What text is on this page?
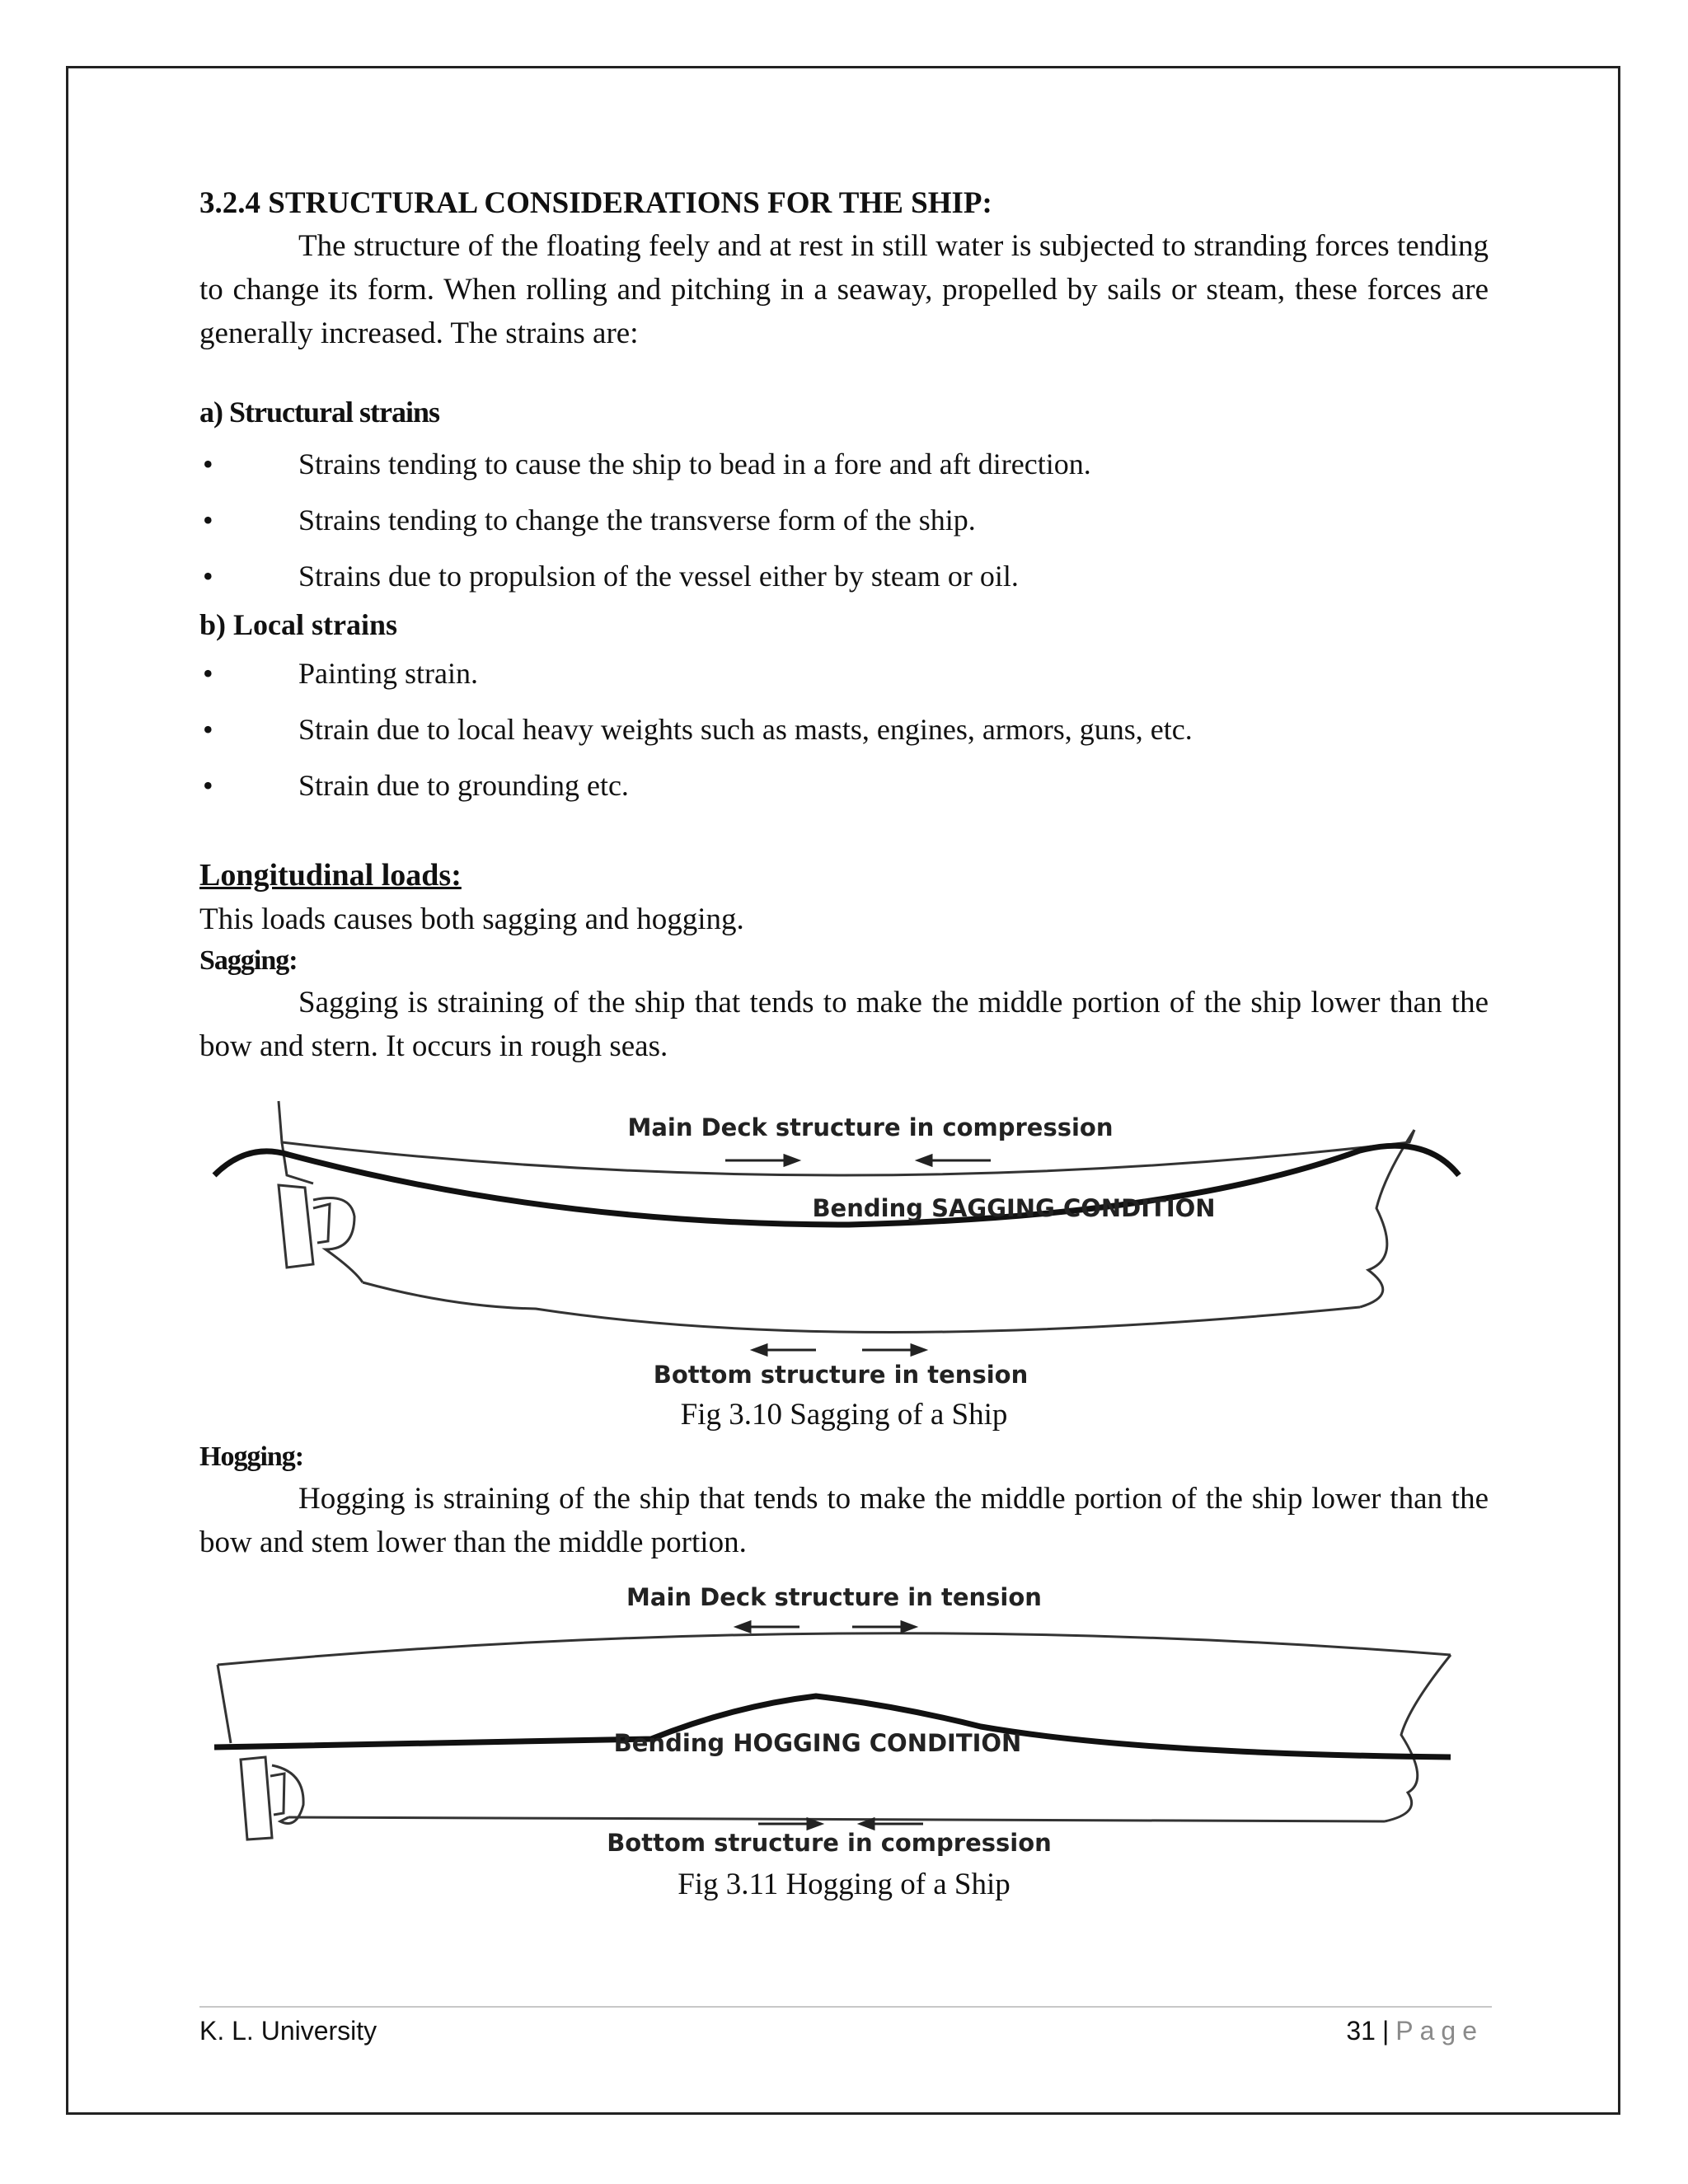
3.2.4 STRUCTURAL CONSIDERATIONS FOR THE SHIP:

The structure of the floating feely and at rest in still water is subjected to stranding forces tending to change its form. When rolling and pitching in a seaway, propelled by sails or steam, these forces are generally increased. The strains are:

a) Structural strains
•	Strains tending to cause the ship to bead in a fore and aft direction.
•	Strains tending to change the transverse form of the ship.
•	Strains due to propulsion of the vessel either by steam or oil.
b) Local strains
•	Painting strain.
•	Strain due to local heavy weights such as masts, engines, armors, guns, etc.
•	Strain due to grounding etc.
Longitudinal loads:

This loads causes both sagging and hogging.

Sagging:

Sagging is straining of the ship that tends to make the middle portion of the ship lower than the bow and stern. It occurs in rough seas.

Main Deck structure in compression
Bending SAGGING CONDITION
Bottom structure in tension
Fig 3.10 Sagging of a Ship
Hogging:

Hogging is straining of the ship that tends to make the middle portion of the ship lower than the bow and stem lower than the middle portion.

Main Deck structure in tension
Bending HOGGING CONDITION
Bottom structure in compression
Fig 3.11 Hogging of a Ship
K. L. University	31 | Page
